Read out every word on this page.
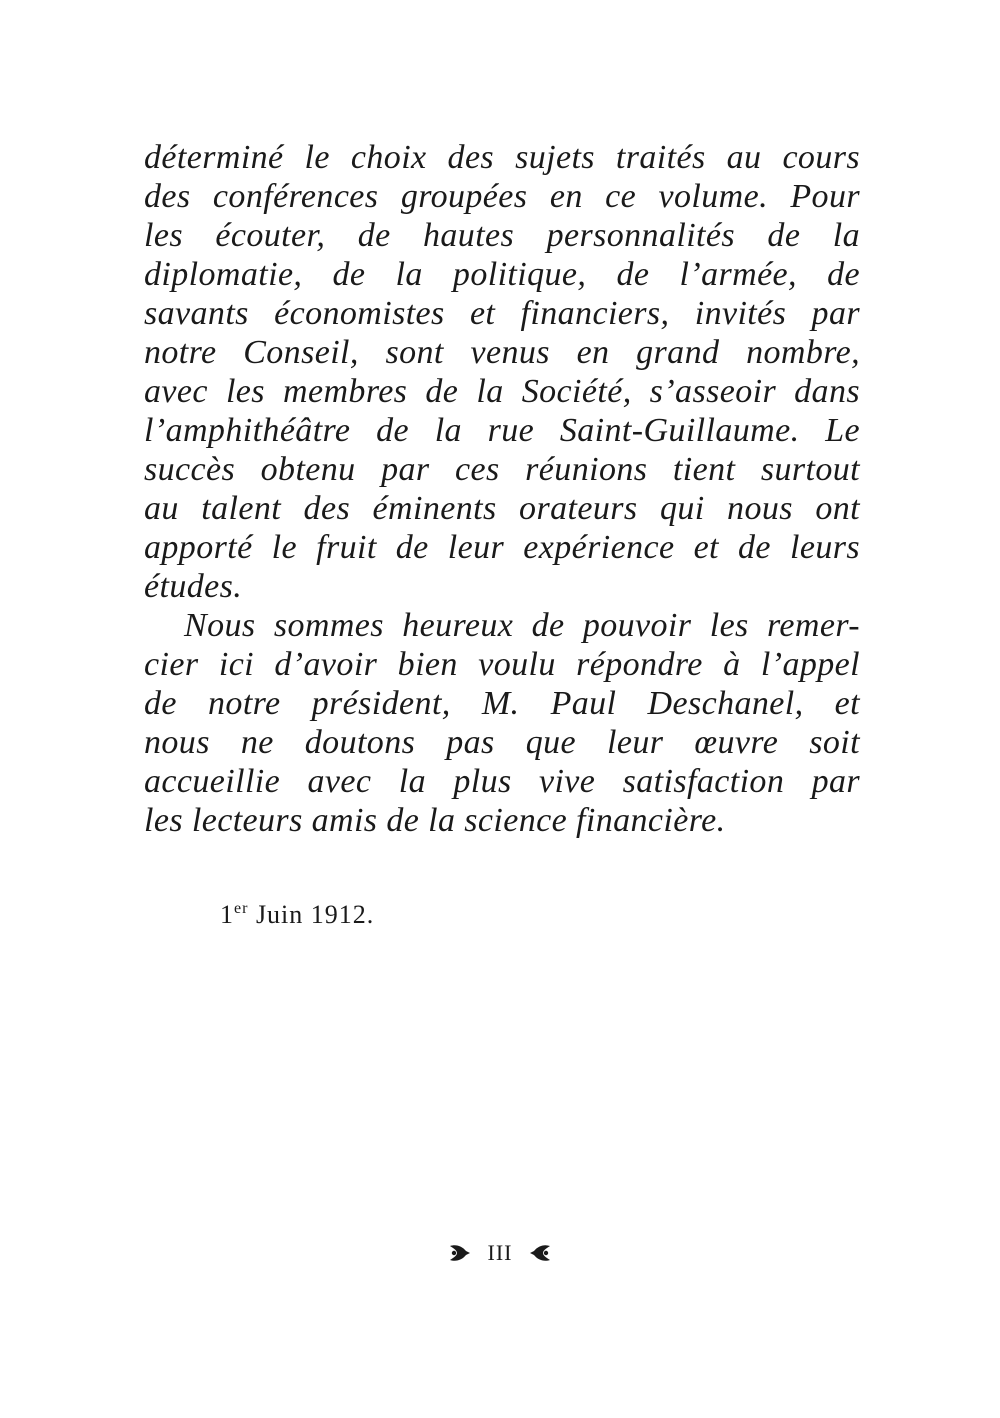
déterminé le choix des sujets traités au cours
des conférences groupées en ce volume. Pour
les écouter, de hautes personnalités de la
diplomatie, de la politique, de l’armée, de
savants économistes et financiers, invités par
notre Conseil, sont venus en grand nombre,
avec les membres de la Société, s’asseoir dans
l’amphithéâtre de la rue Saint-Guillaume. Le
succès obtenu par ces réunions tient surtout
au talent des éminents orateurs qui nous ont
apporté le fruit de leur expérience et de leurs
études.
Nous sommes heureux de pouvoir les remer-
cier ici d’avoir bien voulu répondre à l’appel
de notre président, M. Paul Deschanel, et
nous ne doutons pas que leur œuvre soit
accueillie avec la plus vive satisfaction par
les lecteurs amis de la science financière.
1er Juin 1912.
III
